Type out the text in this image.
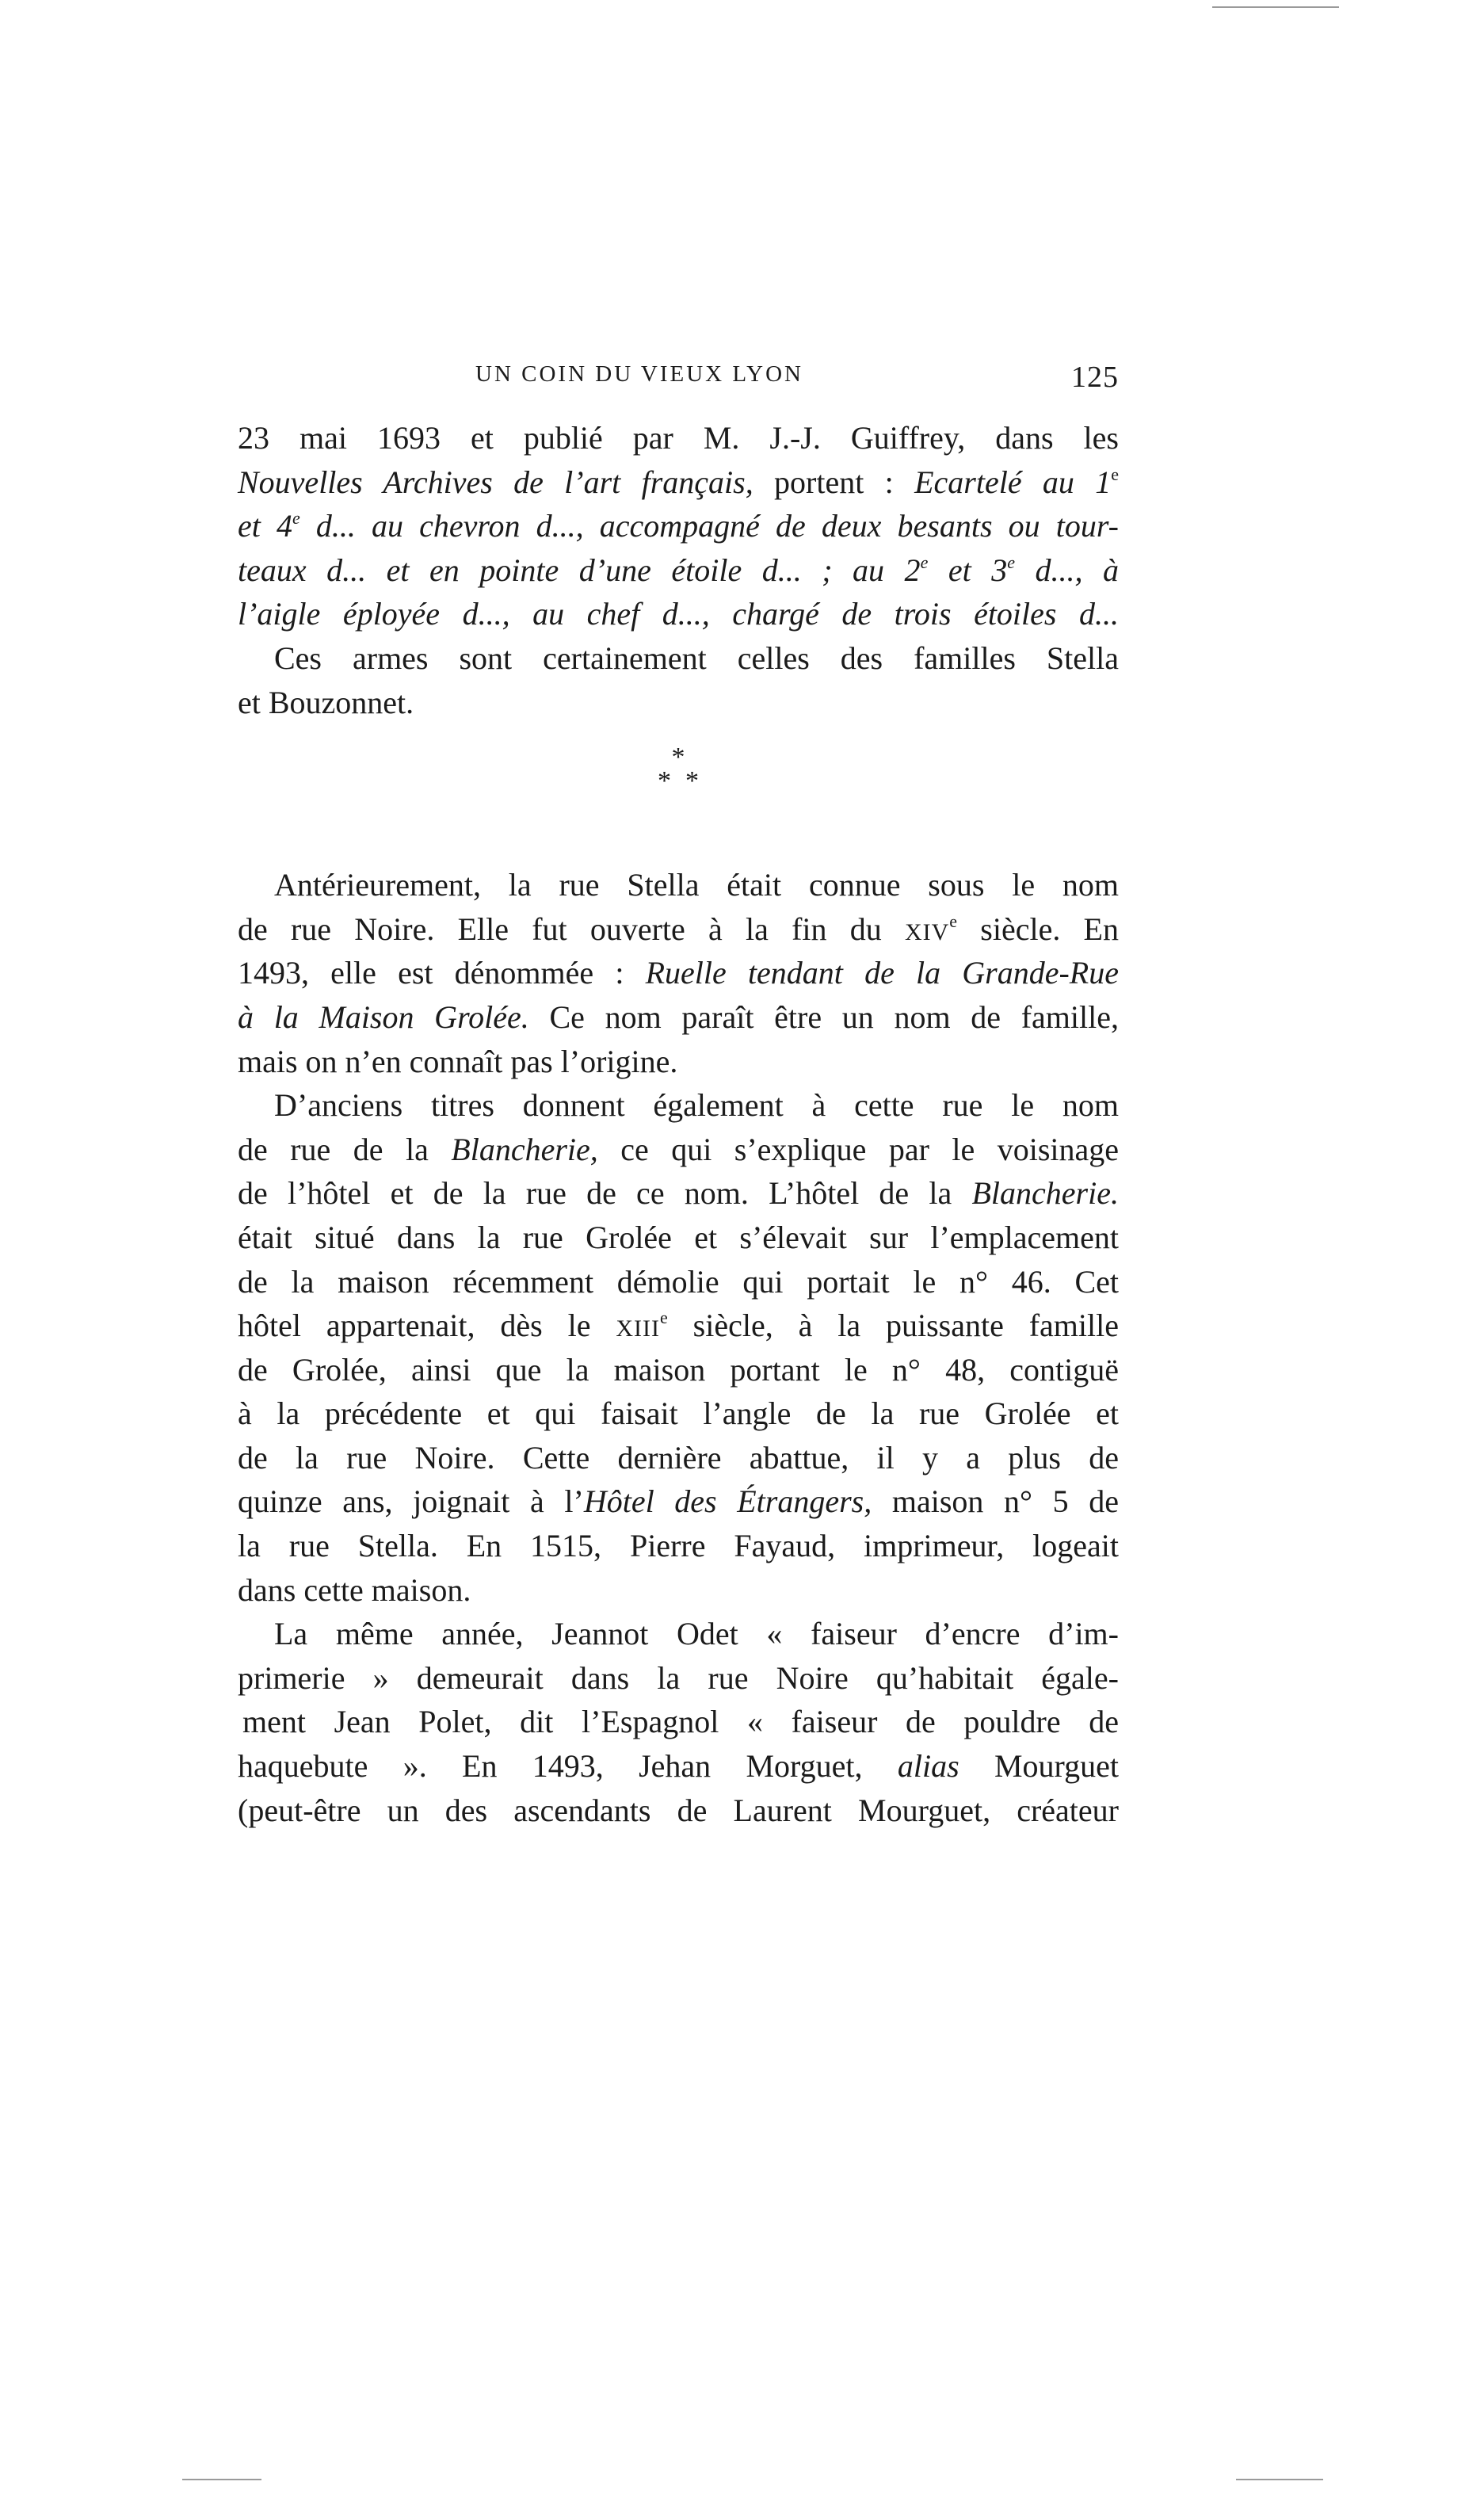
UN COIN DU VIEUX LYON	125
23 mai 1693 et publié par M. J.-J. Guiffrey, dans les
Nouvelles Archives de l’art français, portent : Ecartelé au 1e
et 4e d... au chevron d..., accompagné de deux besants ou tour-
teaux d... et en pointe d’une étoile d... ; au 2e et 3e d..., à
l’aigle éployée d..., au chef d..., chargé de trois étoiles d...
Ces armes sont certainement celles des familles Stella
et Bouzonnet.
*
**
Antérieurement, la rue Stella était connue sous le nom
de rue Noire. Elle fut ouverte à la fin du XIVe siècle. En
1493, elle est dénommée : Ruelle tendant de la Grande-Rue
à la Maison Grolée. Ce nom paraît être un nom de famille,
mais on n’en connaît pas l’origine.
D’anciens titres donnent également à cette rue le nom
de rue de la Blancherie, ce qui s’explique par le voisinage
de l’hôtel et de la rue de ce nom. L’hôtel de la Blancherie.
était situé dans la rue Grolée et s’élevait sur l’emplacement
de la maison récemment démolie qui portait le n° 46. Cet
hôtel appartenait, dès le XIIIe siècle, à la puissante famille
de Grolée, ainsi que la maison portant le n° 48, contiguë
à la précédente et qui faisait l’angle de la rue Grolée et
de la rue Noire. Cette dernière abattue, il y a plus de
quinze ans, joignait à l’Hôtel des Étrangers, maison n° 5 de
la rue Stella. En 1515, Pierre Fayaud, imprimeur, logeait
dans cette maison.
La même année, Jeannot Odet « faiseur d’encre d’im-
primerie » demeurait dans la rue Noire qu’habitait égale-
ment Jean Polet, dit l’Espagnol « faiseur de pouldre de
haquebute ». En 1493, Jehan Morguet, alias Mourguet
(peut-être un des ascendants de Laurent Mourguet, créateur
